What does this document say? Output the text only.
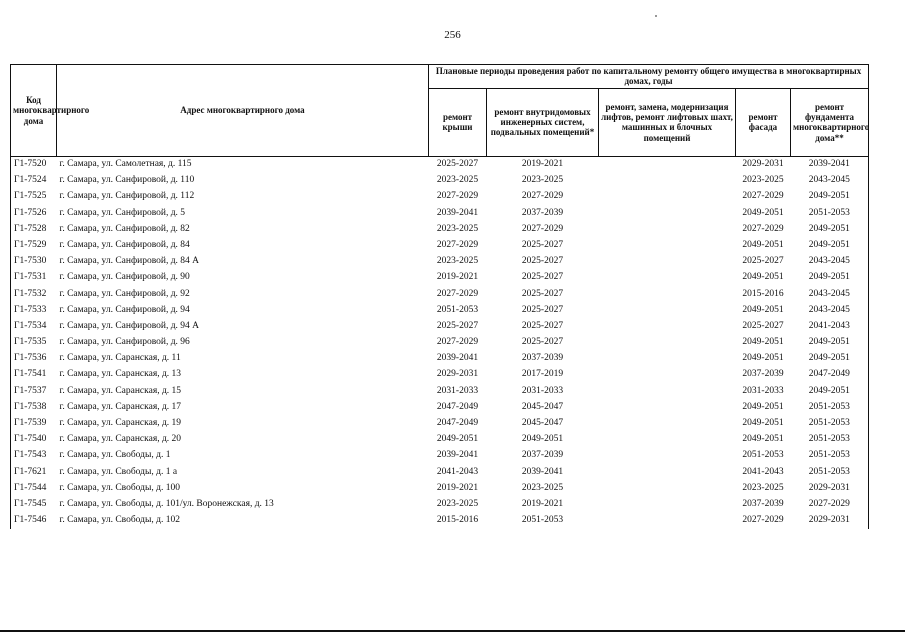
256
Код многоквартирного дома	Адрес многоквартирного дома	Плановые периоды проведения работ по капитальному ремонту общего имущества в многоквартирных домах, годы				
		ремонт крыши	ремонт внутридомовых инженерных систем, подвальных помещений*	ремонт, замена, модернизация лифтов, ремонт лифтовых шахт, машинных и блочных помещений	ремонт фасада	ремонт фундамента многоквартирного дома**
Г1-7520	г. Самара, ул. Самолетная, д. 115	2025-2027	2019-2021		2029-2031	2039-2041
Г1-7524	г. Самара, ул. Санфировой, д. 110	2023-2025	2023-2025		2023-2025	2043-2045
Г1-7525	г. Самара, ул. Санфировой, д. 112	2027-2029	2027-2029		2027-2029	2049-2051
Г1-7526	г. Самара, ул. Санфировой, д. 5	2039-2041	2037-2039		2049-2051	2051-2053
Г1-7528	г. Самара, ул. Санфировой, д. 82	2023-2025	2027-2029		2027-2029	2049-2051
Г1-7529	г. Самара, ул. Санфировой, д. 84	2027-2029	2025-2027		2049-2051	2049-2051
Г1-7530	г. Самара, ул. Санфировой, д. 84 А	2023-2025	2025-2027		2025-2027	2043-2045
Г1-7531	г. Самара, ул. Санфировой, д. 90	2019-2021	2025-2027		2049-2051	2049-2051
Г1-7532	г. Самара, ул. Санфировой, д. 92	2027-2029	2025-2027		2015-2016	2043-2045
Г1-7533	г. Самара, ул. Санфировой, д. 94	2051-2053	2025-2027		2049-2051	2043-2045
Г1-7534	г. Самара, ул. Санфировой, д. 94 А	2025-2027	2025-2027		2025-2027	2041-2043
Г1-7535	г. Самара, ул. Санфировой, д. 96	2027-2029	2025-2027		2049-2051	2049-2051
Г1-7536	г. Самара, ул. Саранская, д. 11	2039-2041	2037-2039		2049-2051	2049-2051
Г1-7541	г. Самара, ул. Саранская, д. 13	2029-2031	2017-2019		2037-2039	2047-2049
Г1-7537	г. Самара, ул. Саранская, д. 15	2031-2033	2031-2033		2031-2033	2049-2051
Г1-7538	г. Самара, ул. Саранская, д. 17	2047-2049	2045-2047		2049-2051	2051-2053
Г1-7539	г. Самара, ул. Саранская, д. 19	2047-2049	2045-2047		2049-2051	2051-2053
Г1-7540	г. Самара, ул. Саранская, д. 20	2049-2051	2049-2051		2049-2051	2051-2053
Г1-7543	г. Самара, ул. Свободы, д. 1	2039-2041	2037-2039		2051-2053	2051-2053
Г1-7621	г. Самара, ул. Свободы, д. 1 а	2041-2043	2039-2041		2041-2043	2051-2053
Г1-7544	г. Самара, ул. Свободы, д. 100	2019-2021	2023-2025		2023-2025	2029-2031
Г1-7545	г. Самара, ул. Свободы, д. 101/ул. Воронежская, д. 13	2023-2025	2019-2021		2037-2039	2027-2029
Г1-7546	г. Самара, ул. Свободы, д. 102	2015-2016	2051-2053		2027-2029	2029-2031
